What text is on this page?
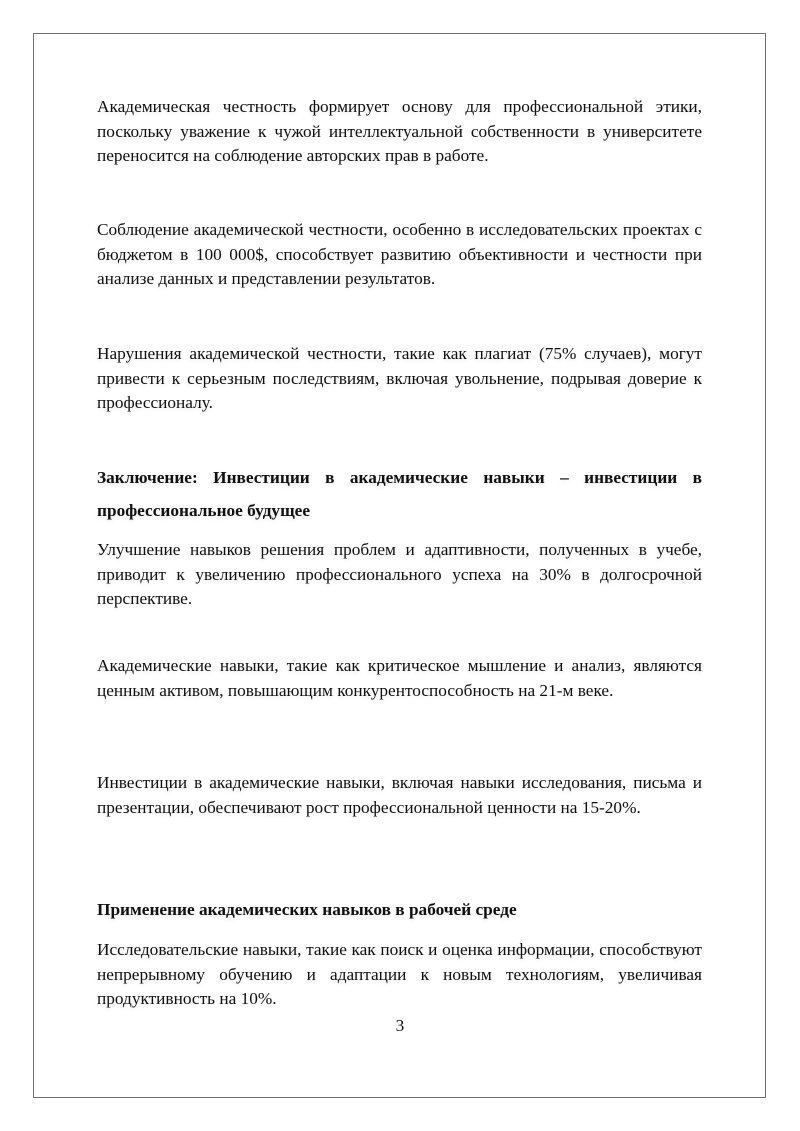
Академическая честность формирует основу для профессиональной этики, поскольку уважение к чужой интеллектуальной собственности в университете переносится на соблюдение авторских прав в работе.

Соблюдение академической честности, особенно в исследовательских проектах с бюджетом в 100 000$, способствует развитию объективности и честности при анализе данных и представлении результатов.

Нарушения академической честности, такие как плагиат (75% случаев), могут привести к серьезным последствиям, включая увольнение, подрывая доверие к профессионалу.

Заключение: Инвестиции в академические навыки – инвестиции в профессиональное будущее

Улучшение навыков решения проблем и адаптивности, полученных в учебе, приводит к увеличению профессионального успеха на 30% в долгосрочной перспективе.

Академические навыки, такие как критическое мышление и анализ, являются ценным активом, повышающим конкурентоспособность на 21-м веке.

Инвестиции в академические навыки, включая навыки исследования, письма и презентации, обеспечивают рост профессиональной ценности на 15-20%.

Применение академических навыков в рабочей среде

Исследовательские навыки, такие как поиск и оценка информации, способствуют непрерывному обучению и адаптации к новым технологиям, увеличивая продуктивность на 10%.

3
